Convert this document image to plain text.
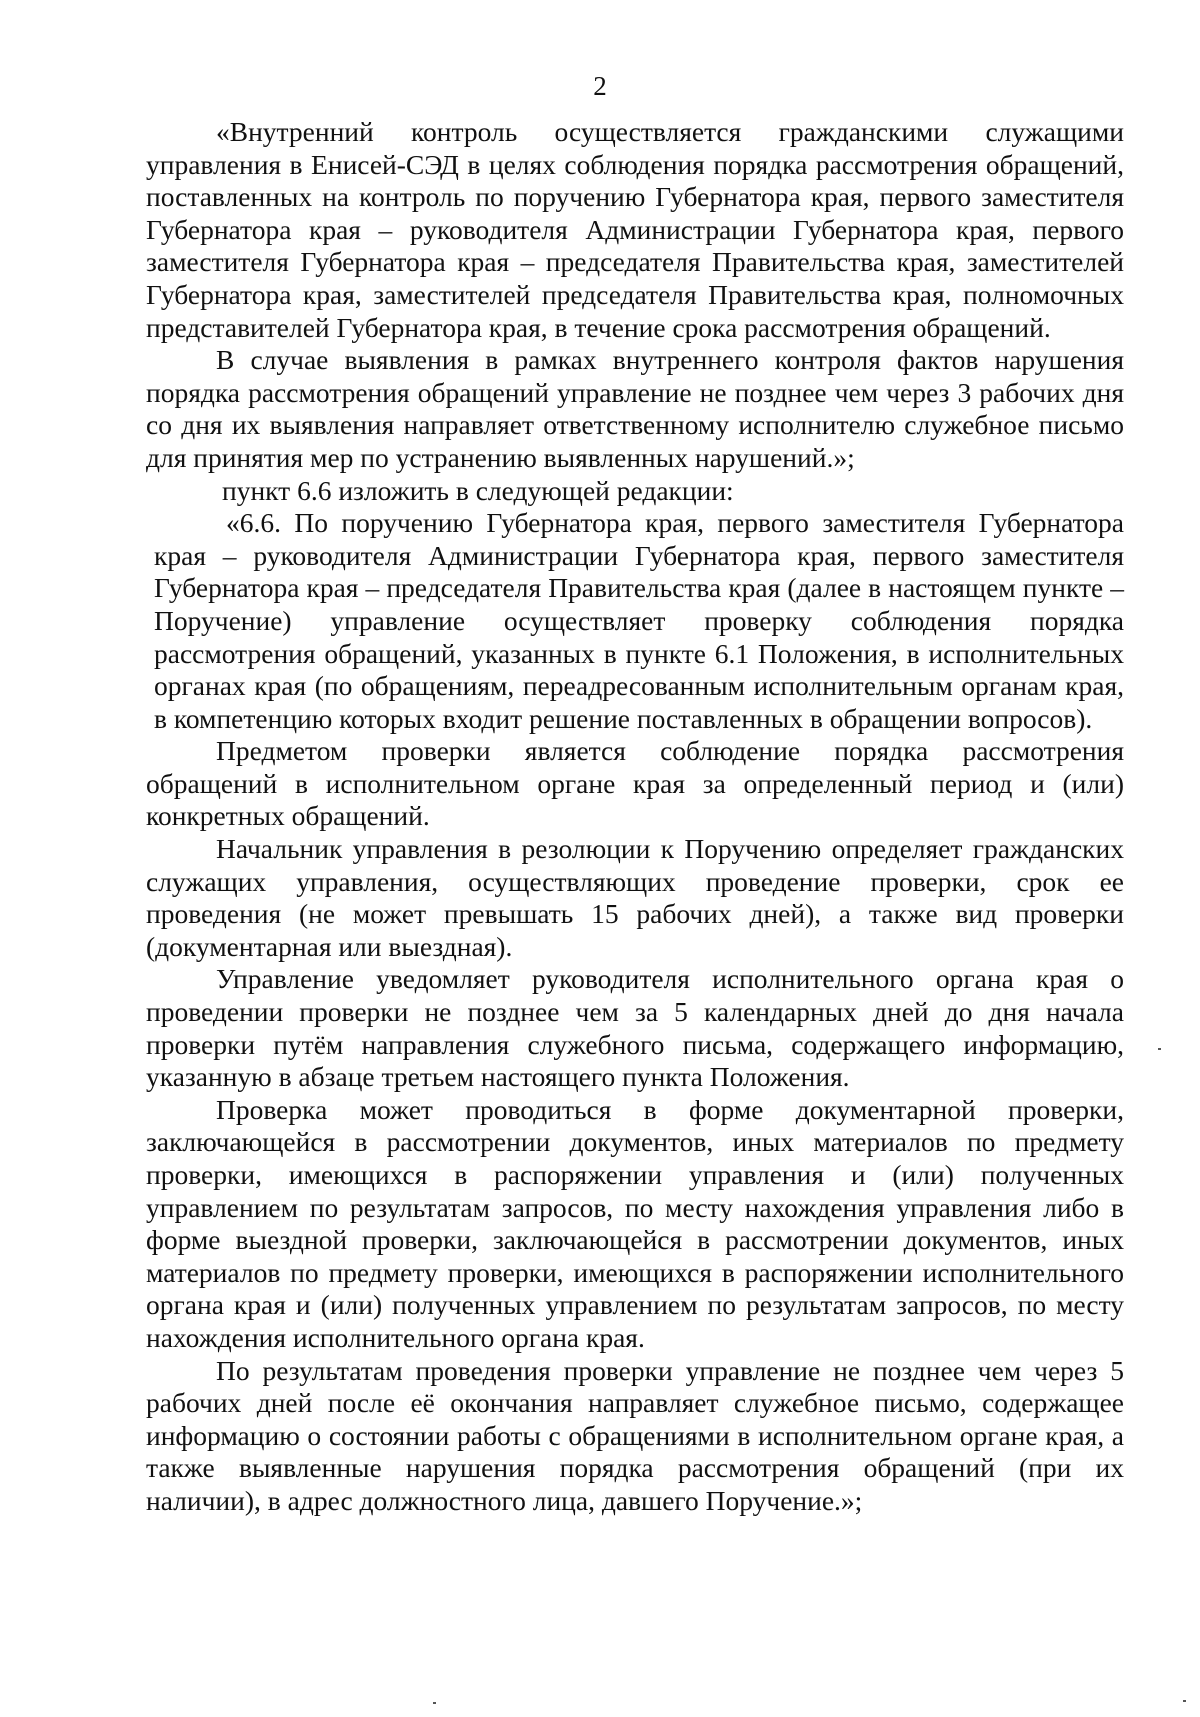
2

«Внутренний контроль осуществляется гражданскими служащими управления в Енисей-СЭД в целях соблюдения порядка рассмотрения обращений, поставленных на контроль по поручению Губернатора края, первого заместителя Губернатора края – руководителя Администрации Губернатора края, первого заместителя Губернатора края – председателя Правительства края, заместителей Губернатора края, заместителей председателя Правительства края, полномочных представителей Губернатора края, в течение срока рассмотрения обращений.

В случае выявления в рамках внутреннего контроля фактов нарушения порядка рассмотрения обращений управление не позднее чем через 3 рабочих дня со дня их выявления направляет ответственному исполнителю служебное письмо для принятия мер по устранению выявленных нарушений.»;

пункт 6.6 изложить в следующей редакции:

«6.6. По поручению Губернатора края, первого заместителя Губернатора края – руководителя Администрации Губернатора края, первого заместителя Губернатора края – председателя Правительства края (далее в настоящем пункте – Поручение) управление осуществляет проверку соблюдения порядка рассмотрения обращений, указанных в пункте 6.1 Положения, в исполнительных органах края (по обращениям, переадресованным исполнительным органам края, в компетенцию которых входит решение поставленных в обращении вопросов).

Предметом проверки является соблюдение порядка рассмотрения обращений в исполнительном органе края за определенный период и (или) конкретных обращений.

Начальник управления в резолюции к Поручению определяет гражданских служащих управления, осуществляющих проведение проверки, срок ее проведения (не может превышать 15 рабочих дней), а также вид проверки (документарная или выездная).

Управление уведомляет руководителя исполнительного органа края о проведении проверки не позднее чем за 5 календарных дней до дня начала проверки путём направления служебного письма, содержащего информацию, указанную в абзаце третьем настоящего пункта Положения.

Проверка может проводиться в форме документарной проверки, заключающейся в рассмотрении документов, иных материалов по предмету проверки, имеющихся в распоряжении управления и (или) полученных управлением по результатам запросов, по месту нахождения управления либо в форме выездной проверки, заключающейся в рассмотрении документов, иных материалов по предмету проверки, имеющихся в распоряжении исполнительного органа края и (или) полученных управлением по результатам запросов, по месту нахождения исполнительного органа края.

По результатам проведения проверки управление не позднее чем через 5 рабочих дней после её окончания направляет служебное письмо, содержащее информацию о состоянии работы с обращениями в исполнительном органе края, а также выявленные нарушения порядка рассмотрения обращений (при их наличии), в адрес должностного лица, давшего Поручение.»;
